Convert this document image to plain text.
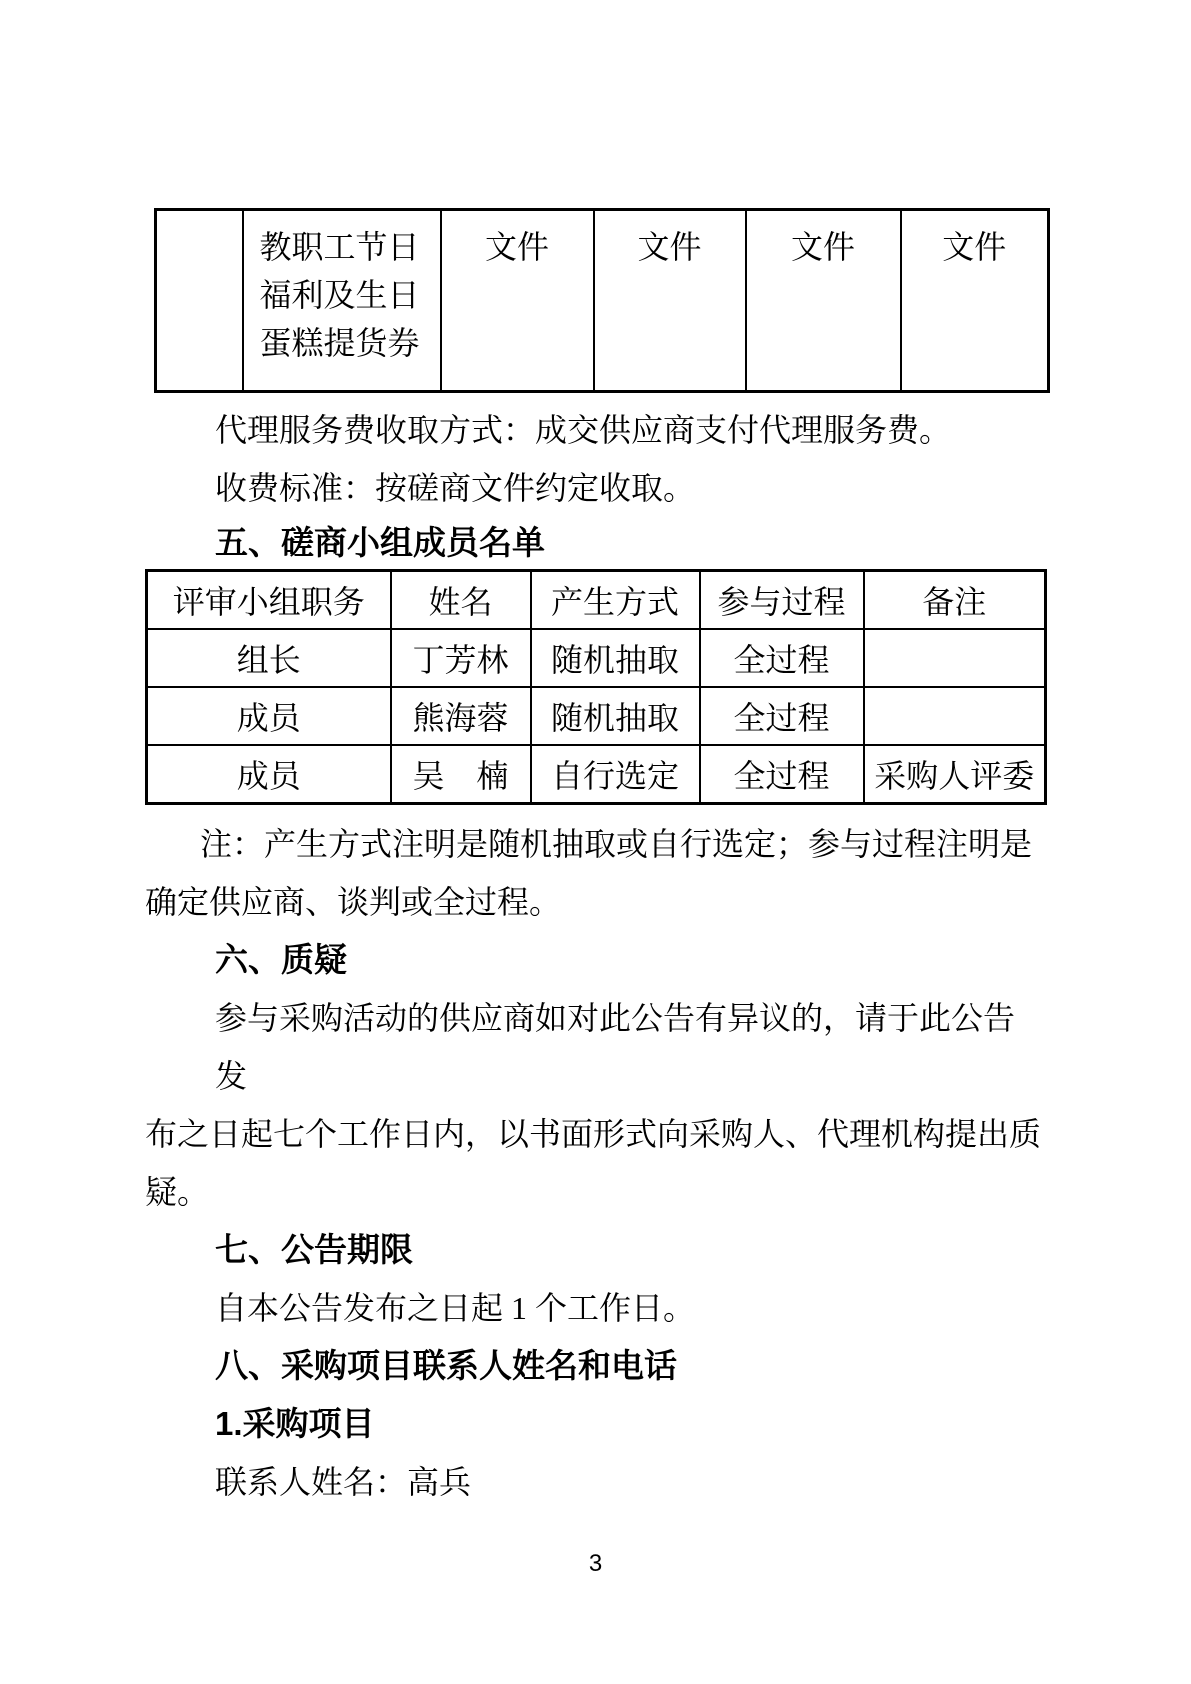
	教职工节日福利及生日蛋糕提货券	文件	文件	文件	文件
代理服务费收取方式：成交供应商支付代理服务费。
收费标准：按磋商文件约定收取。
五、磋商小组成员名单
评审小组职务	姓名	产生方式	参与过程	备注
组长	丁芳林	随机抽取	全过程	
成员	熊海蓉	随机抽取	全过程	
成员	吴　楠	自行选定	全过程	采购人评委
注：产生方式注明是随机抽取或自行选定；参与过程注明是
确定供应商、谈判或全过程。
六、质疑
参与采购活动的供应商如对此公告有异议的，请于此公告发
布之日起七个工作日内，以书面形式向采购人、代理机构提出质
疑。
七、公告期限
自本公告发布之日起 1 个工作日。
八、采购项目联系人姓名和电话
1.采购项目
联系人姓名：高兵
3
